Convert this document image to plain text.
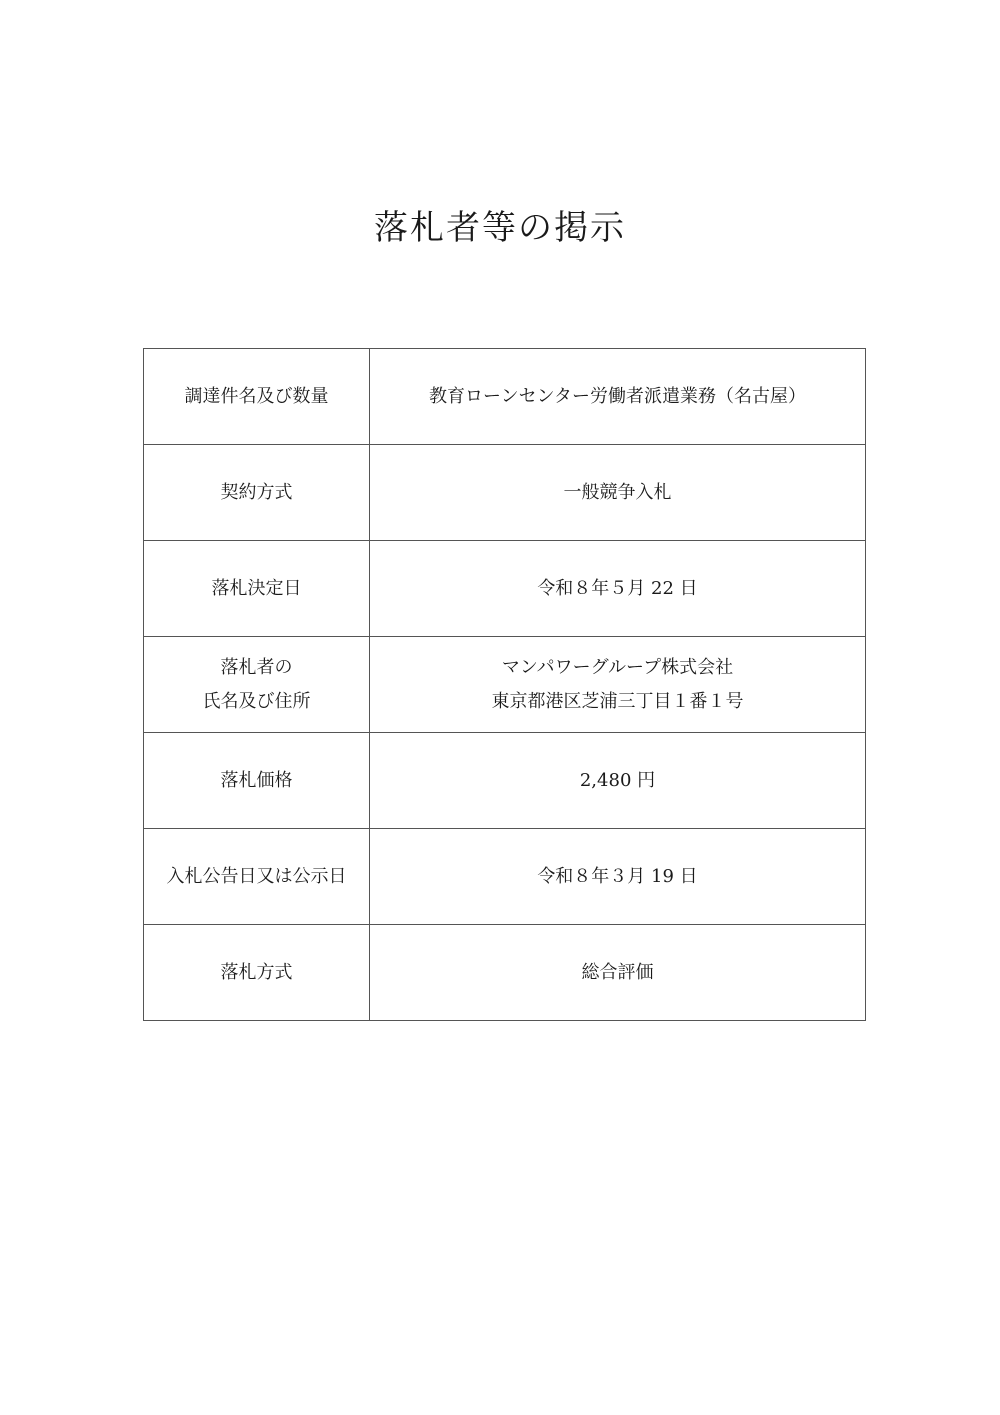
落札者等の掲示
調達件名及び数量	教育ローンセンター労働者派遣業務（名古屋）
契約方式	一般競争入札
落札決定日	令和８年５月 22 日

落札者の
氏名及び住所	マンパワーグループ株式会社
東京都港区芝浦三丁目１番１号

落札価格	2,480 円
入札公告日又は公示日	令和８年３月 19 日
落札方式	総合評価
